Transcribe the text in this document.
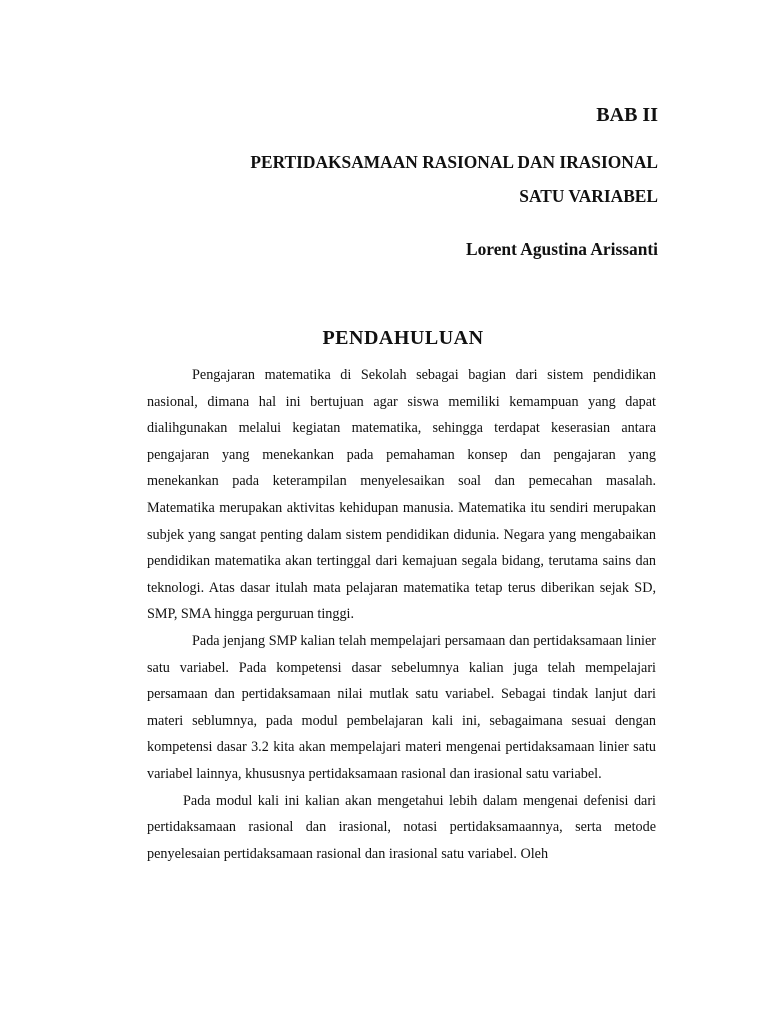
BAB II
PERTIDAKSAMAAN RASIONAL DAN IRASIONAL
SATU VARIABEL
Lorent Agustina Arissanti
PENDAHULUAN

Pengajaran matematika di Sekolah sebagai bagian dari sistem pendidikan nasional, dimana hal ini bertujuan agar siswa memiliki kemampuan yang dapat dialihgunakan melalui kegiatan matematika, sehingga terdapat keserasian antara pengajaran yang menekankan pada pemahaman konsep dan pengajaran yang menekankan pada keterampilan menyelesaikan soal dan pemecahan masalah. Matematika merupakan aktivitas kehidupan manusia. Matematika itu sendiri merupakan subjek yang sangat penting dalam sistem pendidikan didunia. Negara yang mengabaikan pendidikan matematika akan tertinggal dari kemajuan segala bidang, terutama sains dan teknologi. Atas dasar itulah mata pelajaran matematika tetap terus diberikan sejak SD, SMP, SMA hingga perguruan tinggi.

Pada jenjang SMP kalian telah mempelajari persamaan dan pertidaksamaan linier satu variabel. Pada kompetensi dasar sebelumnya kalian juga telah mempelajari persamaan dan pertidaksamaan nilai mutlak satu variabel. Sebagai tindak lanjut dari materi seblumnya, pada modul pembelajaran kali ini, sebagaimana sesuai dengan kompetensi dasar 3.2 kita akan mempelajari materi mengenai pertidaksamaan linier satu variabel lainnya, khususnya pertidaksamaan rasional dan irasional satu variabel.

Pada modul kali ini kalian akan mengetahui lebih dalam mengenai defenisi dari pertidaksamaan rasional dan irasional, notasi pertidaksamaannya, serta metode penyelesaian pertidaksamaan rasional dan irasional satu variabel. Oleh
